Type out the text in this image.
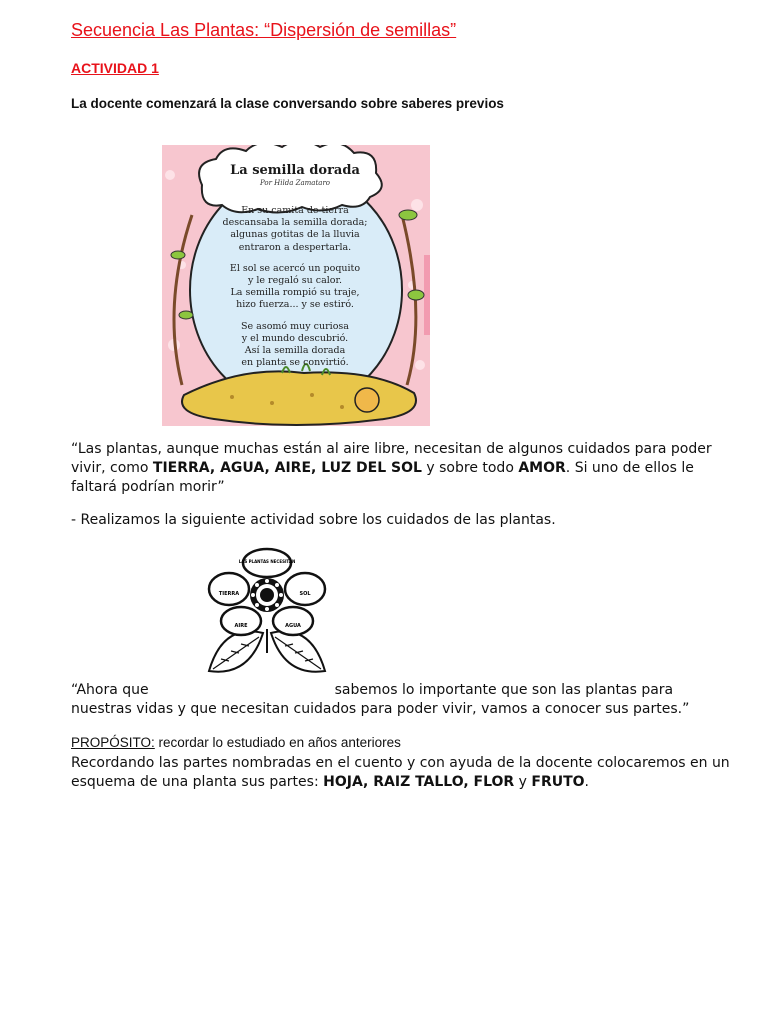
Secuencia Las Plantas: “Dispersión de semillas”
ACTIVIDAD 1
La docente comenzará la clase conversando sobre saberes previos
La semilla dorada
Por Hilda Zamataro

En su camita de tierra
descansaba la semilla dorada;
algunas gotitas de la lluvia
entraron a despertarla.

El sol se acercó un poquito
y le regaló su calor.
La semilla rompió su traje,
hizo fuerza... y se estiró.

Se asomó muy curiosa
y el mundo descubrió.
Así la semilla dorada
en planta se convirtió.

“Las plantas, aunque muchas están al aire libre, necesitan de algunos cuidados para poder vivir, como TIERRA, AGUA, AIRE, LUZ DEL SOL y sobre todo AMOR. Si uno de ellos le faltará podrían morir”
- Realizamos la siguiente actividad sobre los cuidados de las plantas.
LAS PLANTAS NECESITAN
TIERRA	SOL
AIRE	AGUA
“Ahora que	sabemos lo importante que son las plantas para nuestras vidas y que necesitan cuidados para poder vivir, vamos a conocer sus partes.”
PROPÓSITO: recordar lo estudiado en años anteriores
Recordando las partes nombradas en el cuento y con ayuda de la docente colocaremos en un esquema de una planta sus partes: HOJA, RAIZ TALLO, FLOR y FRUTO.
